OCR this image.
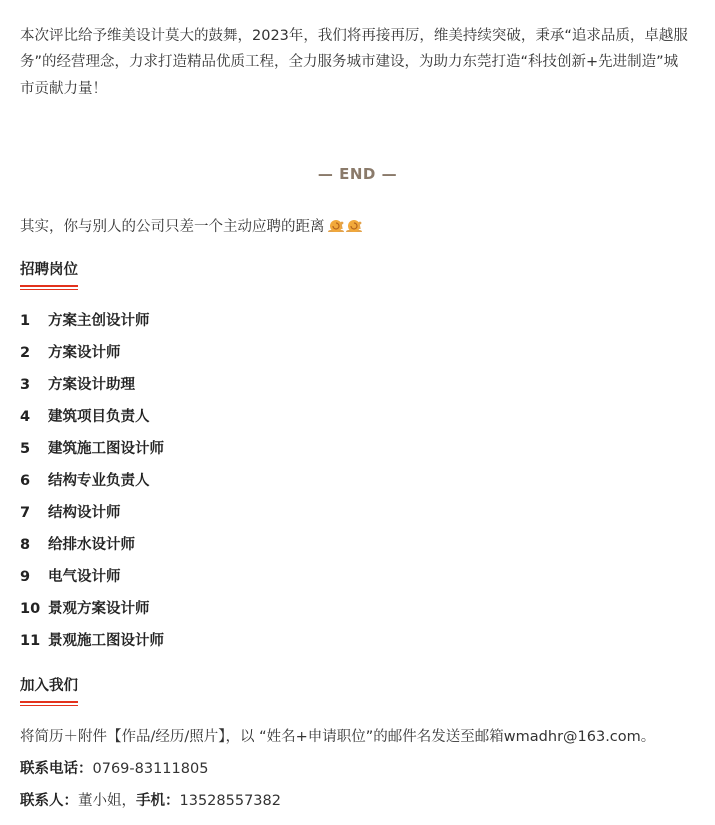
本次评比给予维美设计莫大的鼓舞，2023年，我们将再接再厉，维美持续突破，秉承“追求品质，卓越服务”的经营理念，力求打造精品优质工程，全力服务城市建设，为助力东莞打造“科技创新+先进制造”城市贡献力量！

— END —
其实，你与别人的公司只差一个主动应聘的距离
招聘岗位
1	方案主创设计师
2	方案设计师
3	方案设计助理
4	建筑项目负责人
5	建筑施工图设计师
6	结构专业负责人
7	结构设计师
8	给排水设计师
9	电气设计师
10 景观方案设计师
11 景观施工图设计师
加入我们
将简历＋附件【作品/经历/照片】，以 “姓名+申请职位”的邮件名发送至邮箱wmadhr@163.com。
联系电话：0769-83111805
联系人：董小姐，手机：13528557382
